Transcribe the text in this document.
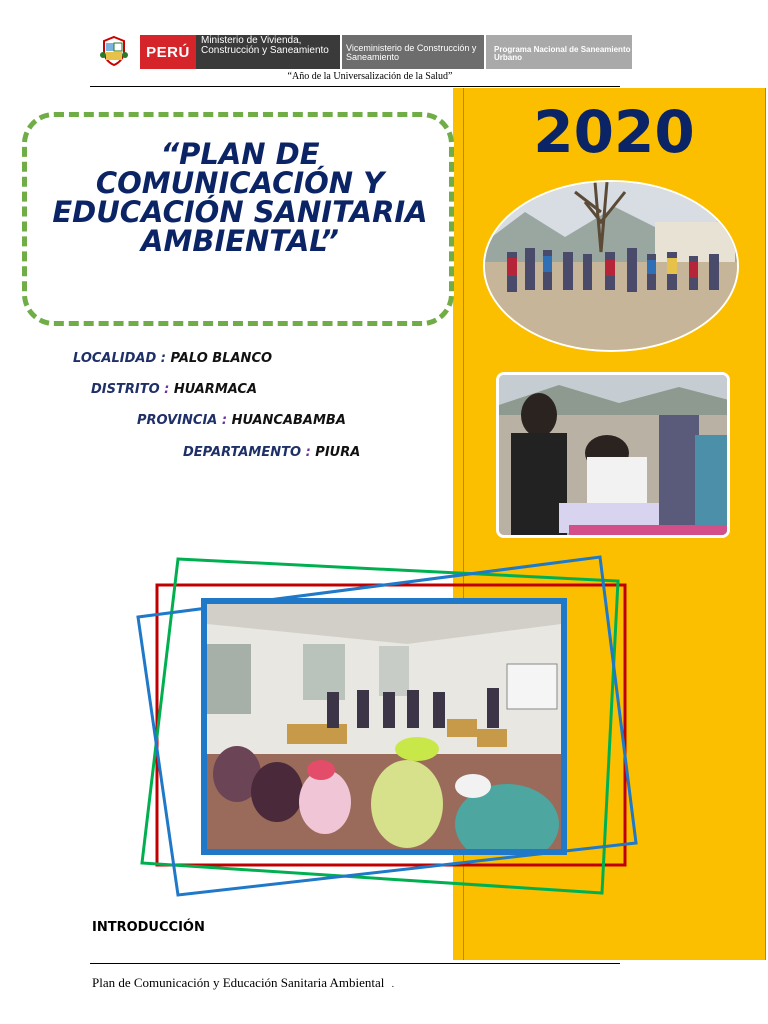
PERÚ
Ministerio de Vivienda, Construcción y Saneamiento	Viceministerio de Construcción y Saneamiento
Programa Nacional de Saneamiento Urbano
“Año de la Universalización de la Salud”
2020
“PLAN DE COMUNICACIÓN Y EDUCACIÓN SANITARIA AMBIENTAL”
LOCALIDAD : PALO BLANCO
DISTRITO : HUARMACA
PROVINCIA : HUANCABAMBA
DEPARTAMENTO : PIURA
INTRODUCCIÓN
Plan de Comunicación y Educación Sanitaria Ambiental .
